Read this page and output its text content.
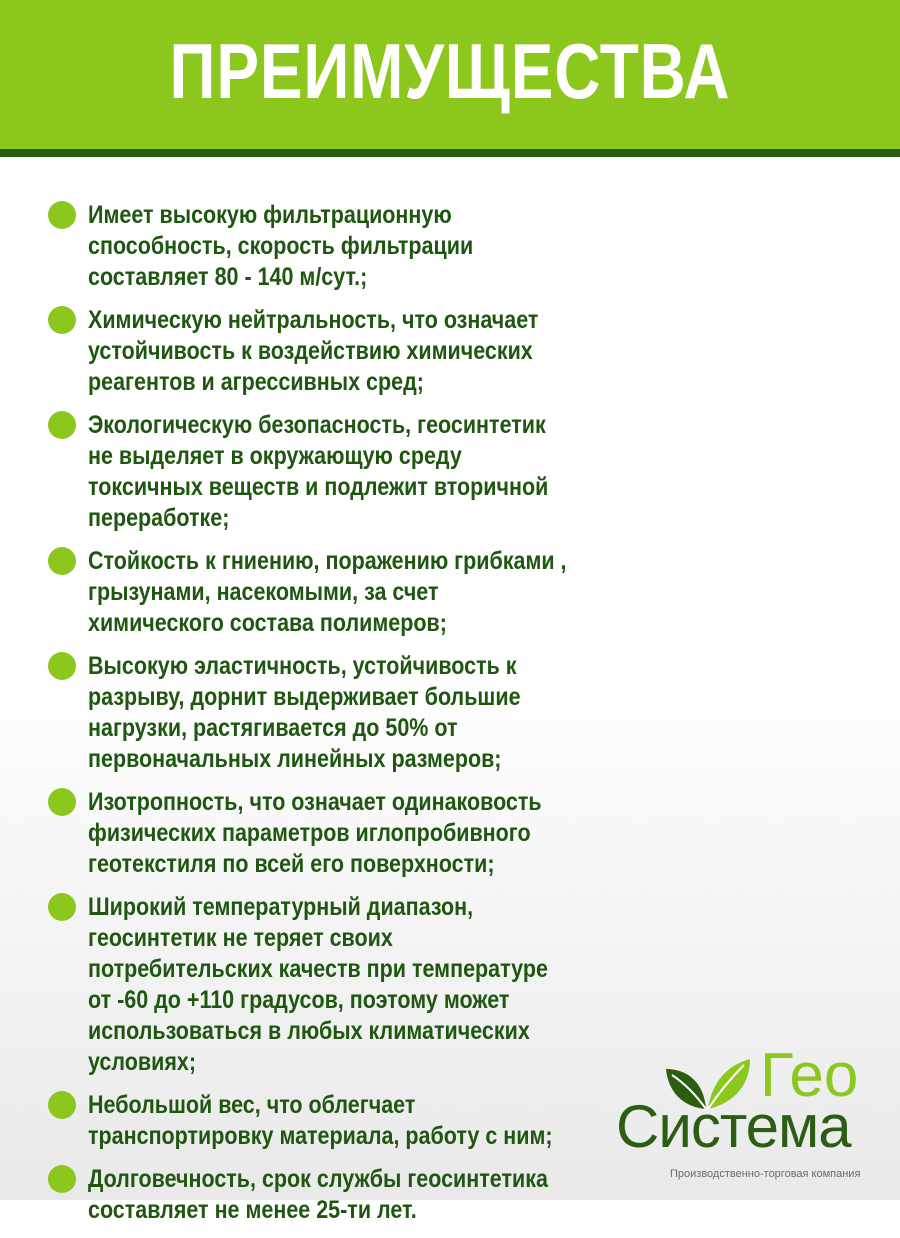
ПРЕИМУЩЕСТВА
Имеет высокую фильтрационную способность, скорость фильтрации составляет 80 - 140 м/сут.;
Химическую нейтральность, что означает устойчивость к воздействию химических реагентов и агрессивных сред;
Экологическую безопасность, геосинтетик не выделяет в окружающую среду токсичных веществ и подлежит вторичной переработке;
Стойкость к гниению, поражению грибками , грызунами, насекомыми, за счет химического состава полимеров;
Высокую эластичность, устойчивость к разрыву, дорнит выдерживает большие нагрузки, растягивается до 50% от первоначальных линейных размеров;
Изотропность, что означает одинаковость физических параметров иглопробивного геотекстиля по всей его поверхности;
Широкий температурный диапазон, геосинтетик не теряет своих потребительских качеств при температуре от -60 до +110 градусов, поэтому может использоваться в любых климатических условиях;
Небольшой вес, что облегчает транспортировку материала, работу с ним;
Долговечность, срок службы геосинтетика составляет не менее 25-ти лет.
Гео
Система
Производственно-торговая компания
